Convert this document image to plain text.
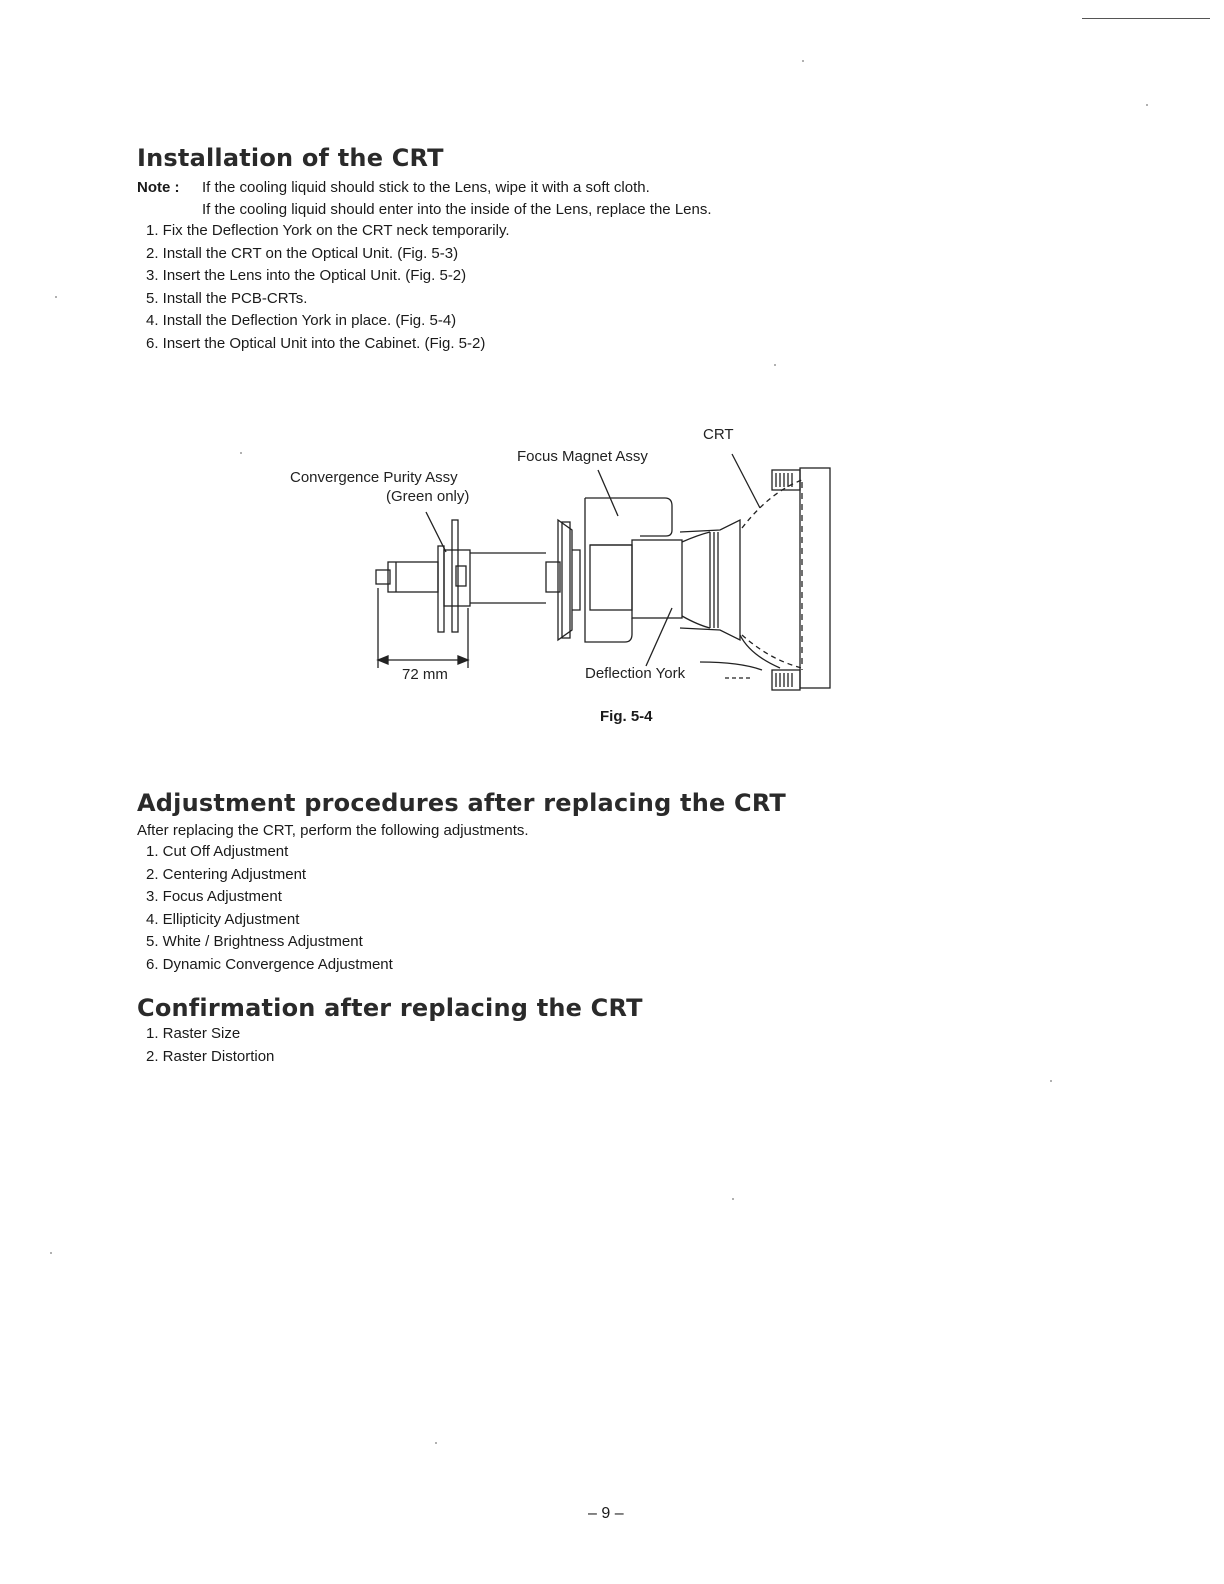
Installation of the CRT
Note :	If the cooling liquid should stick to the Lens, wipe it with a soft cloth.
If the cooling liquid should enter into the inside of the Lens, replace the Lens.
1. Fix the Deflection York on the CRT neck temporarily.
2. Install the CRT on the Optical Unit. (Fig. 5-3)
3. Insert the Lens into the Optical Unit. (Fig. 5-2)
5. Install the PCB-CRTs.
4. Install the Deflection York in place. (Fig. 5-4)
6. Insert the Optical Unit into the Cabinet. (Fig. 5-2)
CRT
Focus Magnet Assy
Convergence Purity Assy
(Green only)
72 mm	Deflection York
Fig. 5-4
Adjustment procedures after replacing the CRT
After replacing the CRT, perform the following adjustments.
1. Cut Off Adjustment
2. Centering Adjustment
3. Focus Adjustment
4. Ellipticity Adjustment
5. White / Brightness Adjustment
6. Dynamic Convergence Adjustment
Confirmation after replacing the CRT
1. Raster Size
2. Raster Distortion
– 9 –
